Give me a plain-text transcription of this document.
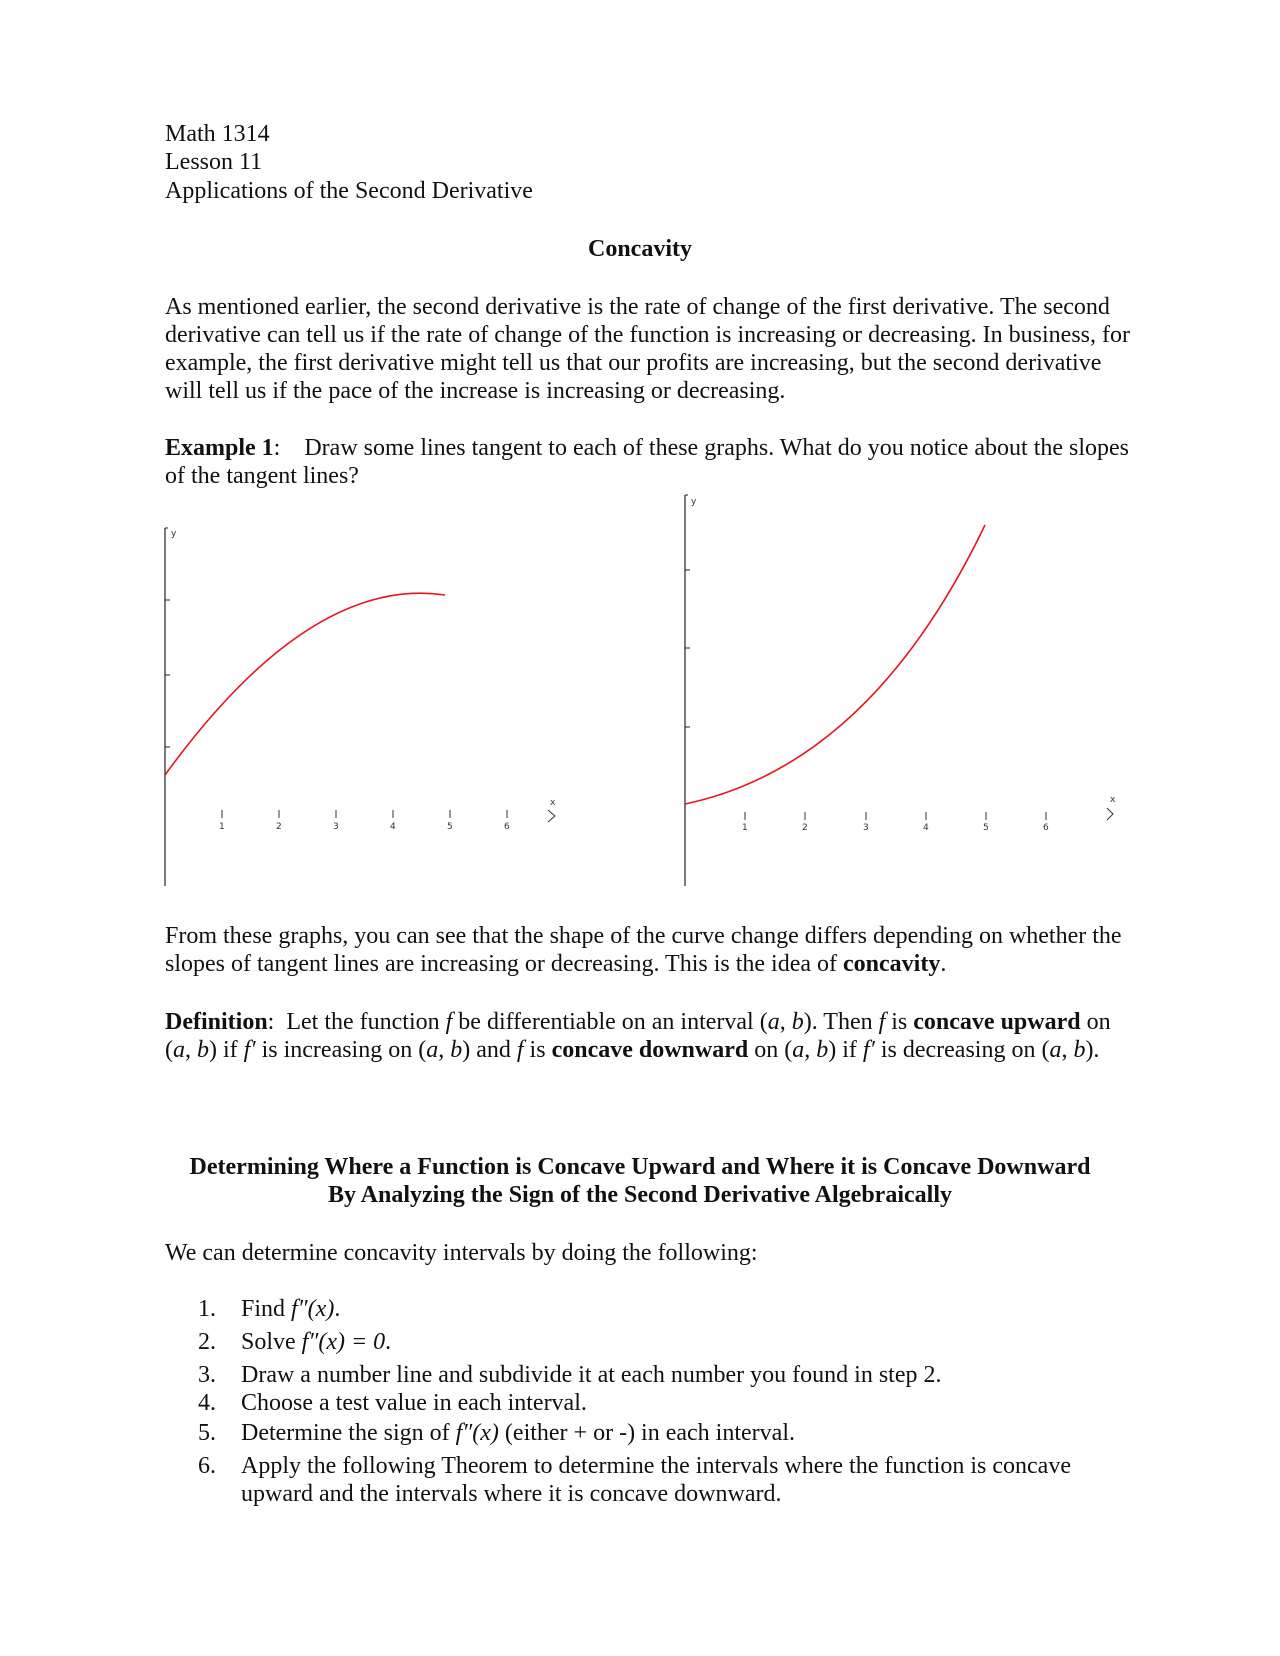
Math 1314
Lesson 11
Applications of the Second Derivative
Concavity
As mentioned earlier, the second derivative is the rate of change of the first derivative. The second derivative can tell us if the rate of change of the function is increasing or decreasing. In business, for example, the first derivative might tell us that our profits are increasing, but the second derivative will tell us if the pace of the increase is increasing or decreasing.
Example 1:    Draw some lines tangent to each of these graphs. What do you notice about the slopes of the tangent lines?
y
1	2	3	4	5	6
x
y
1	2	3	4	5	6
x
From these graphs, you can see that the shape of the curve change differs depending on whether the slopes of tangent lines are increasing or decreasing. This is the idea of concavity.
Definition:  Let the function f be differentiable on an interval (a, b). Then f is concave upward on (a, b) if f′ is increasing on (a, b) and f is concave downward on (a, b) if f′ is decreasing on (a, b).
Determining Where a Function is Concave Upward and Where it is Concave Downward
By Analyzing the Sign of the Second Derivative Algebraically
We can determine concavity intervals by doing the following:
1. Find f″(x).
2. Solve f″(x) = 0.
3. Draw a number line and subdivide it at each number you found in step 2.
4. Choose a test value in each interval.
5. Determine the sign of f″(x) (either + or -) in each interval.
6. Apply the following Theorem to determine the intervals where the function is concave upward and the intervals where it is concave downward.
